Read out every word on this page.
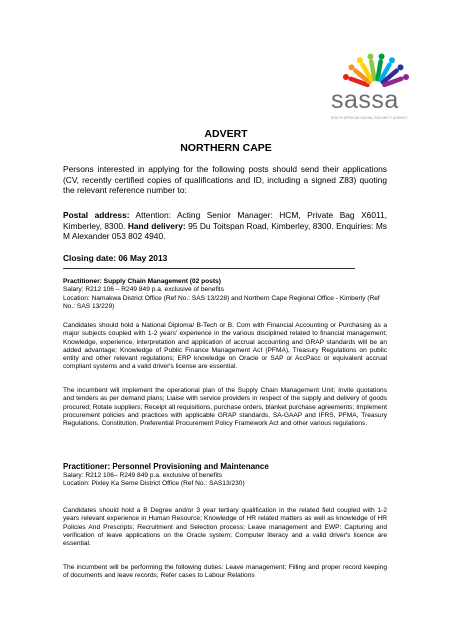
sassa
SOUTH AFRICAN SOCIAL SECURITY AGENCY
ADVERT
NORTHERN CAPE

Persons interested in applying for the following posts should send their applications (CV, recently certified copies of qualifications and ID, including a signed Z83) quoting the relevant reference number to:

Postal address: Attention: Acting Senior Manager: HCM, Private Bag X6011, Kimberley, 8300. Hand delivery: 95 Du Toitspan Road, Kimberley, 8300. Enquiries: Ms M Alexander 053 802 4940.

Closing date: 06 May 2013

Practitioner: Supply Chain Management (02 posts)

Salary: R212 106 – R249 849 p.a. exclusive of benefits

Location: Namakwa District Office (Ref No.: SAS 13/228) and Northern Cape Regional Office - Kimberly (Ref No.: SAS 13/229)

Candidates should hold a National Diploma/ B-Tech or B. Com with Financial Accounting or Purchasing as a major subjects coupled with 1-2 years' experience in the various disciplined related to financial management; Knowledge, experience, interpretation and application of accrual accounting and GRAP standards will be an added advantage; Knowledge of Public Finance Management Act (PFMA), Treasury Regulations on public entity and other relevant regulations; ERP knowledge on Oracle or SAP or AccPacc or equivalent accrual compliant systems and a valid driver's license are essential.

The incumbent will implement the operational plan of the Supply Chain Management Unit; Invite quotations and tenders as per demand plans; Liaise with service providers in respect of the supply and delivery of goods procured; Rotate suppliers; Receipt all requisitions, purchase orders, blanket purchase agreements; Implement procurement policies and practices with applicable GRAP standards, SA-GAAP and IFRS, PFMA, Treasury Regulations, Constitution, Preferential Procurement Policy Framework Act and other various regulations.

Practitioner: Personnel Provisioning and Maintenance

Salary: R212 106– R249 849 p.a. exclusive of benefits

Location: Pixley Ka Seme District Office (Ref No.: SAS13/230)

Candidates should hold a B Degree and/or 3 year tertiary qualification in the related field coupled with 1-2 years relevant experience in Human Resource; Knowledge of HR related matters as well as knowledge of HR Policies And Prescripts; Recruitment and Selection process; Leave management and EWP: Capturing and verification of leave applications on the Oracle system; Computer literacy and a valid driver's licence are essential.

The incumbent will be performing the following duties: Leave management; Filling and proper record keeping of documents and leave records; Refer cases to Labour Relations
